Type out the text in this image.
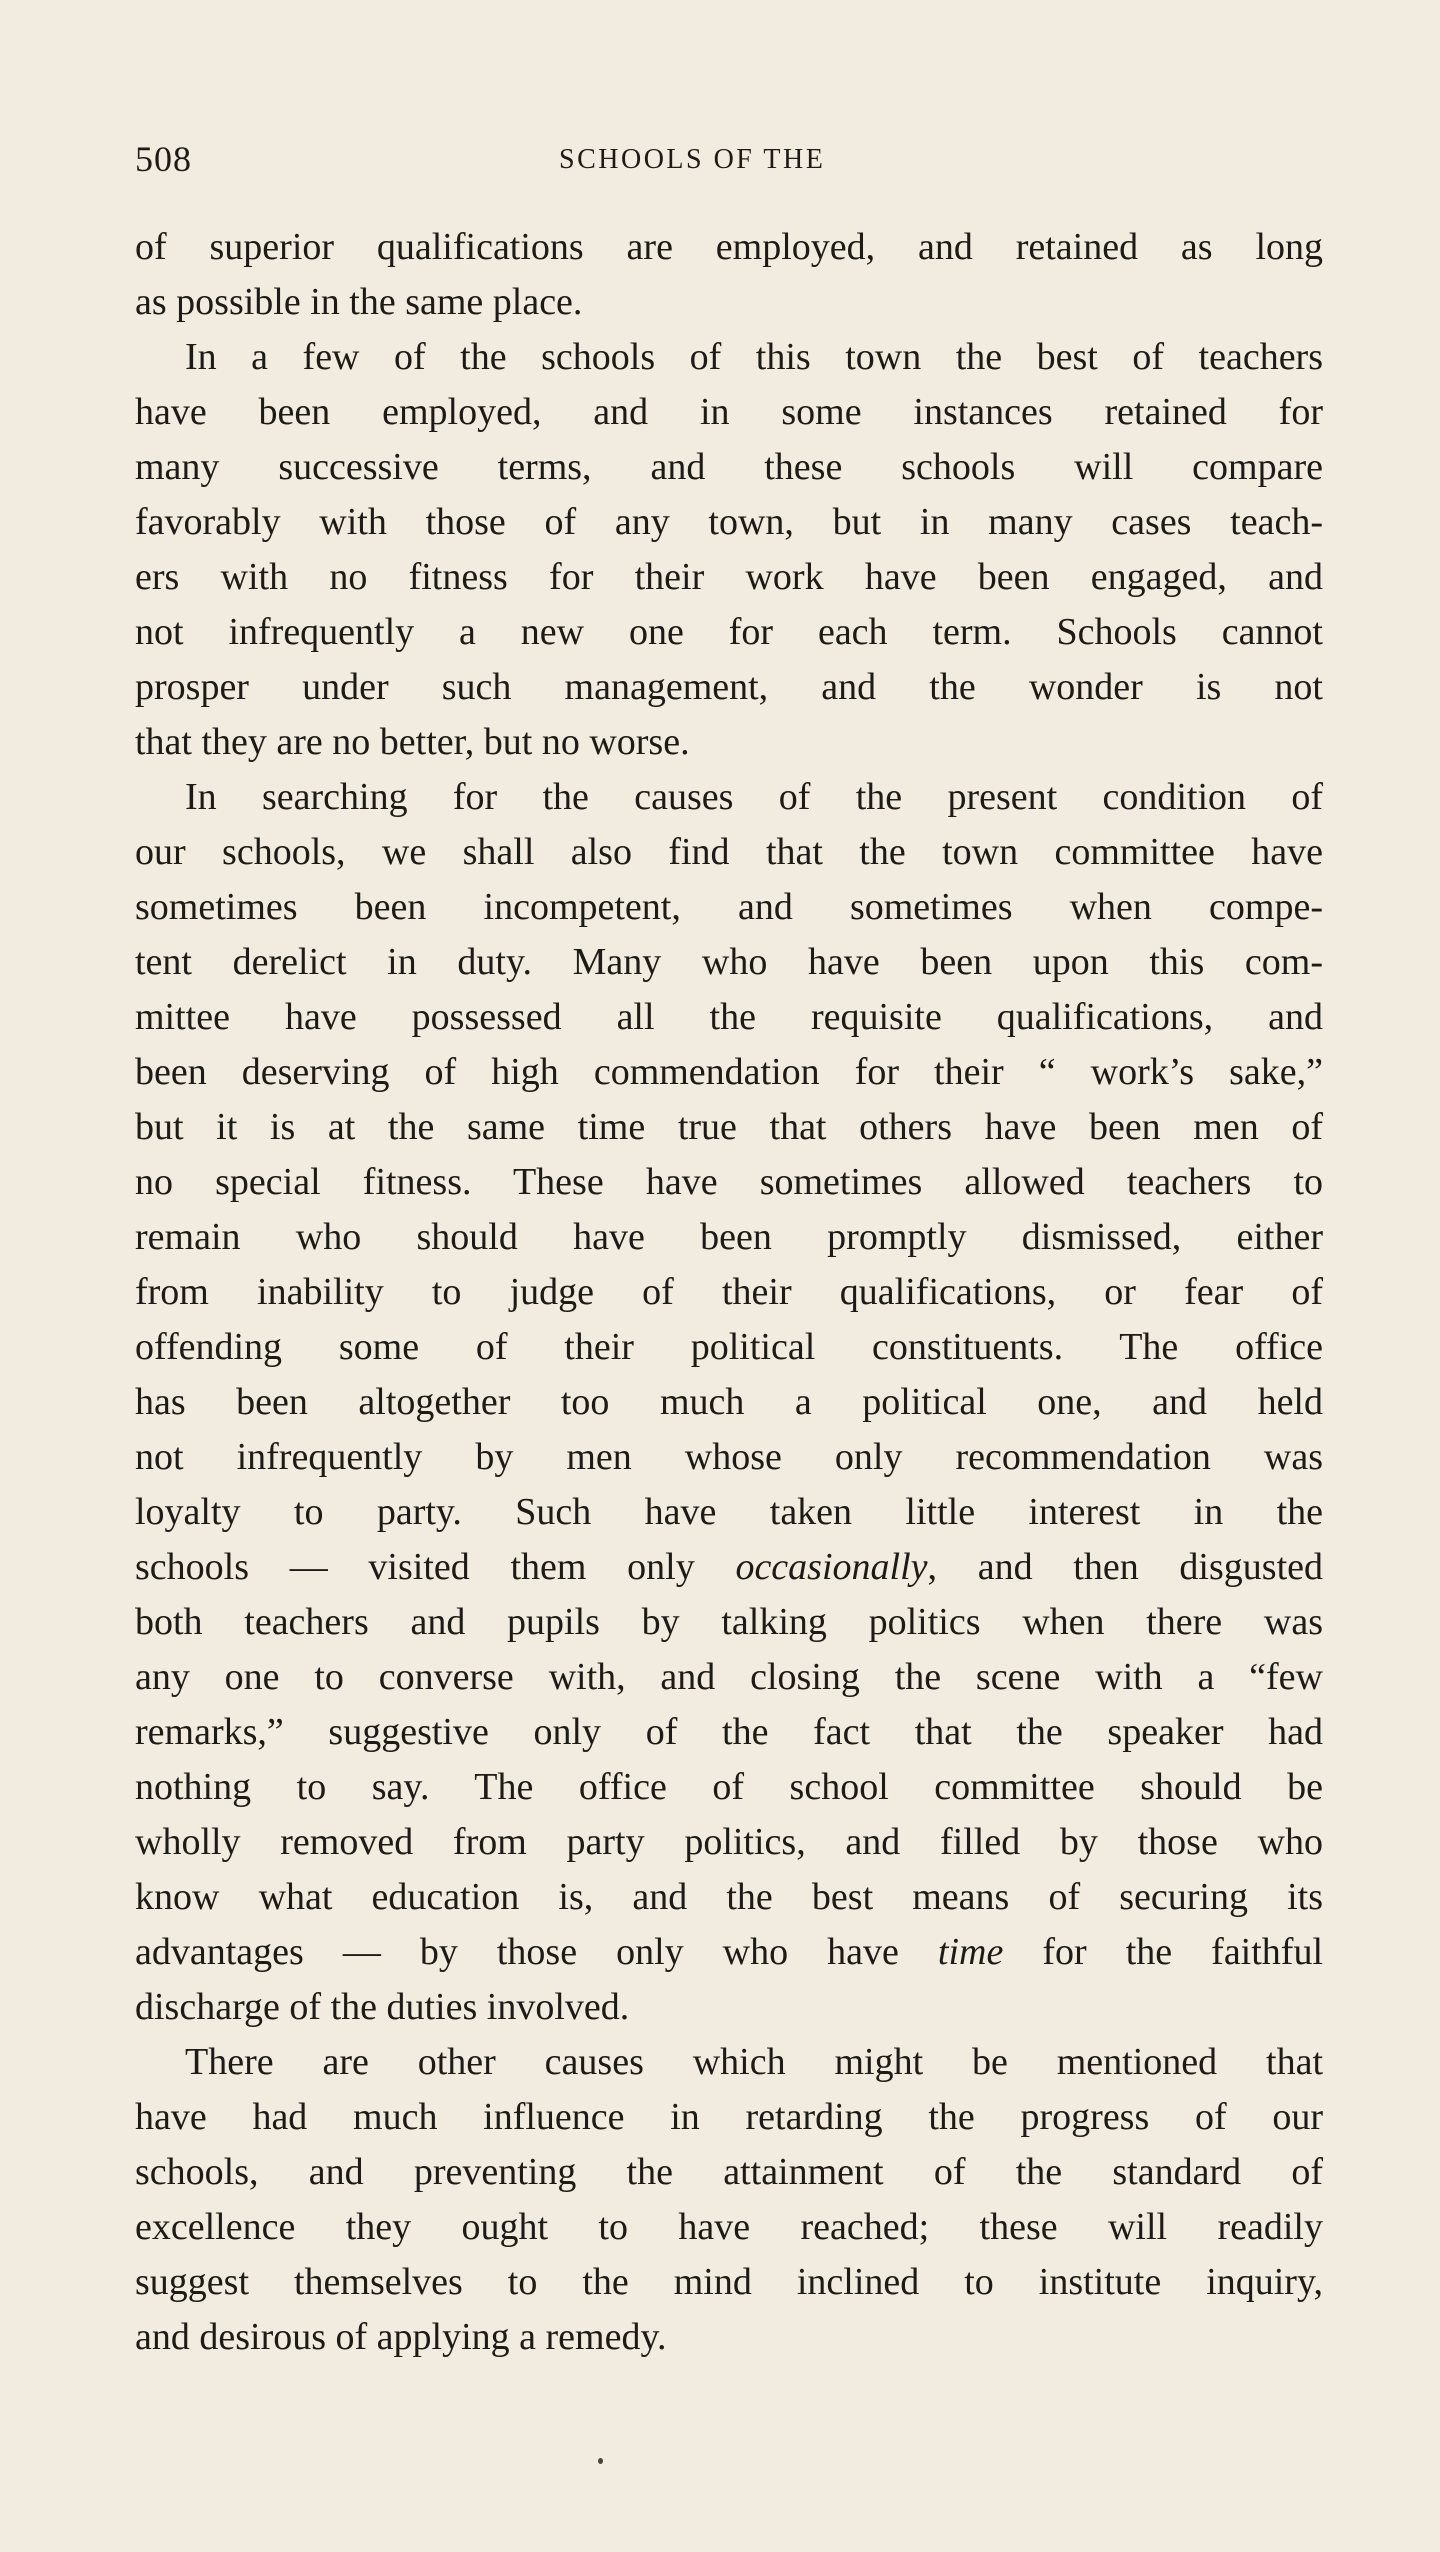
508	SCHOOLS OF THE
of superior qualifications are employed, and retained as long
as possible in the same place.
In a few of the schools of this town the best of teachers
have been employed, and in some instances retained for
many successive terms, and these schools will compare
favorably with those of any town, but in many cases teach-
ers with no fitness for their work have been engaged, and
not infrequently a new one for each term. Schools cannot
prosper under such management, and the wonder is not
that they are no better, but no worse.
In searching for the causes of the present condition of
our schools, we shall also find that the town committee have
sometimes been incompetent, and sometimes when compe-
tent derelict in duty. Many who have been upon this com-
mittee have possessed all the requisite qualifications, and
been deserving of high commendation for their “ work’s sake,”
but it is at the same time true that others have been men of
no special fitness. These have sometimes allowed teachers to
remain who should have been promptly dismissed, either
from inability to judge of their qualifications, or fear of
offending some of their political constituents. The office
has been altogether too much a political one, and held
not infrequently by men whose only recommendation was
loyalty to party. Such have taken little interest in the
schools — visited them only occasionally, and then disgusted
both teachers and pupils by talking politics when there was
any one to converse with, and closing the scene with a “few
remarks,” suggestive only of the fact that the speaker had
nothing to say. The office of school committee should be
wholly removed from party politics, and filled by those who
know what education is, and the best means of securing its
advantages — by those only who have time for the faithful
discharge of the duties involved.
There are other causes which might be mentioned that
have had much influence in retarding the progress of our
schools, and preventing the attainment of the standard of
excellence they ought to have reached; these will readily
suggest themselves to the mind inclined to institute inquiry,
and desirous of applying a remedy.
